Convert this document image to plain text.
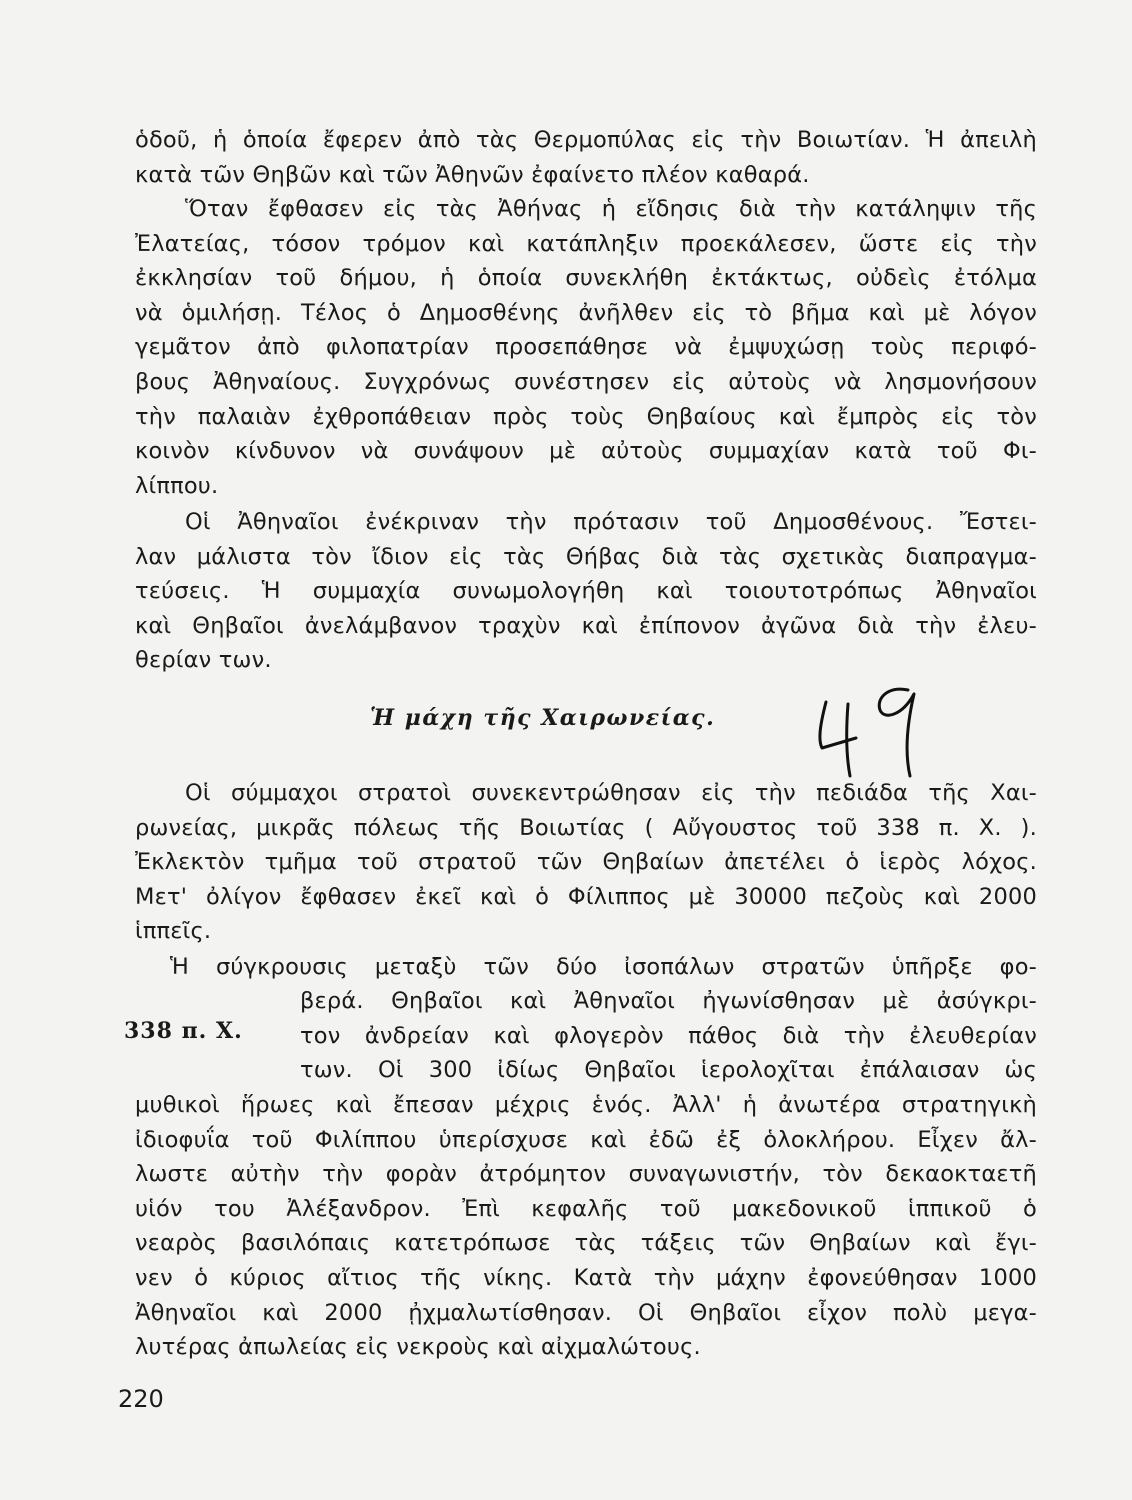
ὁδοῦ, ἡ ὁποία ἔφερεν ἀπὸ τὰς Θερμοπύλας εἰς τὴν Βοιωτίαν. Ἡ ἀπειλὴ
κατὰ τῶν Θηβῶν καὶ τῶν Ἀθηνῶν ἐφαίνετο πλέον καθαρά.
Ὅταν ἔφθασεν εἰς τὰς Ἀθήνας ἡ εἴδησις διὰ τὴν κατάληψιν τῆς
Ἐλατείας, τόσον τρόμον καὶ κατάπληξιν προεκάλεσεν, ὥστε εἰς τὴν
ἐκκλησίαν τοῦ δήμου, ἡ ὁποία συνεκλήθη ἐκτάκτως, οὐδεὶς ἐτόλμα
νὰ ὁμιλήσῃ. Τέλος ὁ Δημοσθένης ἀνῆλθεν εἰς τὸ βῆμα καὶ μὲ λόγον
γεμᾶτον ἀπὸ φιλοπατρίαν προσεπάθησε νὰ ἐμψυχώσῃ τοὺς περιφό-
βους Ἀθηναίους. Συγχρόνως συνέστησεν εἰς αὐτοὺς νὰ λησμονήσουν
τὴν παλαιὰν ἐχθροπάθειαν πρὸς τοὺς Θηβαίους καὶ ἔμπρὸς εἰς τὸν
κοινὸν κίνδυνον νὰ συνάψουν μὲ αὐτοὺς συμμαχίαν κατὰ τοῦ Φι-
λίππου.
Οἱ Ἀθηναῖοι ἐνέκριναν τὴν πρότασιν τοῦ Δημοσθένους. Ἔστει-
λαν μάλιστα τὸν ἴδιον εἰς τὰς Θήβας διὰ τὰς σχετικὰς διαπραγμα-
τεύσεις. Ἡ συμμαχία συνωμολογήθη καὶ τοιουτοτρόπως Ἀθηναῖοι
καὶ Θηβαῖοι ἀνελάμβανον τραχὺν καὶ ἐπίπονον ἀγῶνα διὰ τὴν ἐλευ-
θερίαν των.
Ἡ μάχη τῆς Χαιρωνείας.
Οἱ σύμμαχοι στρατοὶ συνεκεντρώθησαν εἰς τὴν πεδιάδα τῆς Χαι-
ρωνείας, μικρᾶς πόλεως τῆς Βοιωτίας ( Αὔγουστος τοῦ 338 π. Χ. ).
Ἐκλεκτὸν τμῆμα τοῦ στρατοῦ τῶν Θηβαίων ἀπετέλει ὁ ἱερὸς λόχος.
Μετ' ὀλίγον ἔφθασεν ἐκεῖ καὶ ὁ Φίλιππος μὲ 30000 πεζοὺς καὶ 2000
ἱππεῖς.
Ἡ σύγκρουσις μεταξὺ τῶν δύο ἰσοπάλων στρατῶν ὑπῆρξε φο-
βερά. Θηβαῖοι καὶ Ἀθηναῖοι ἠγωνίσθησαν μὲ ἀσύγκρι-
τον ἀνδρείαν καὶ φλογερὸν πάθος διὰ τὴν ἐλευθερίαν
των. Οἱ 300 ἰδίως Θηβαῖοι ἱερολοχῖται ἐπάλαισαν ὡς
338 π. Χ.
μυθικοὶ ἥρωες καὶ ἔπεσαν μέχρις ἑνός. Ἀλλ' ἡ ἀνωτέρα στρατηγικὴ
ἰδιοφυΐα τοῦ Φιλίππου ὑπερίσχυσε καὶ ἐδῶ ἐξ ὁλοκλήρου. Εἶχεν ἄλ-
λωστε αὐτὴν τὴν φορὰν ἀτρόμητον συναγωνιστήν, τὸν δεκαοκταετῆ
υἱόν του Ἀλέξανδρον. Ἐπὶ κεφαλῆς τοῦ μακεδονικοῦ ἱππικοῦ ὁ
νεαρὸς βασιλόπαις κατετρόπωσε τὰς τάξεις τῶν Θηβαίων καὶ ἔγι-
νεν ὁ κύριος αἴτιος τῆς νίκης. Κατὰ τὴν μάχην ἐφονεύθησαν 1000
Ἀθηναῖοι καὶ 2000 ᾐχμαλωτίσθησαν. Οἱ Θηβαῖοι εἶχον πολὺ μεγα-
λυτέρας ἀπωλείας εἰς νεκροὺς καὶ αἰχμαλώτους.
220
